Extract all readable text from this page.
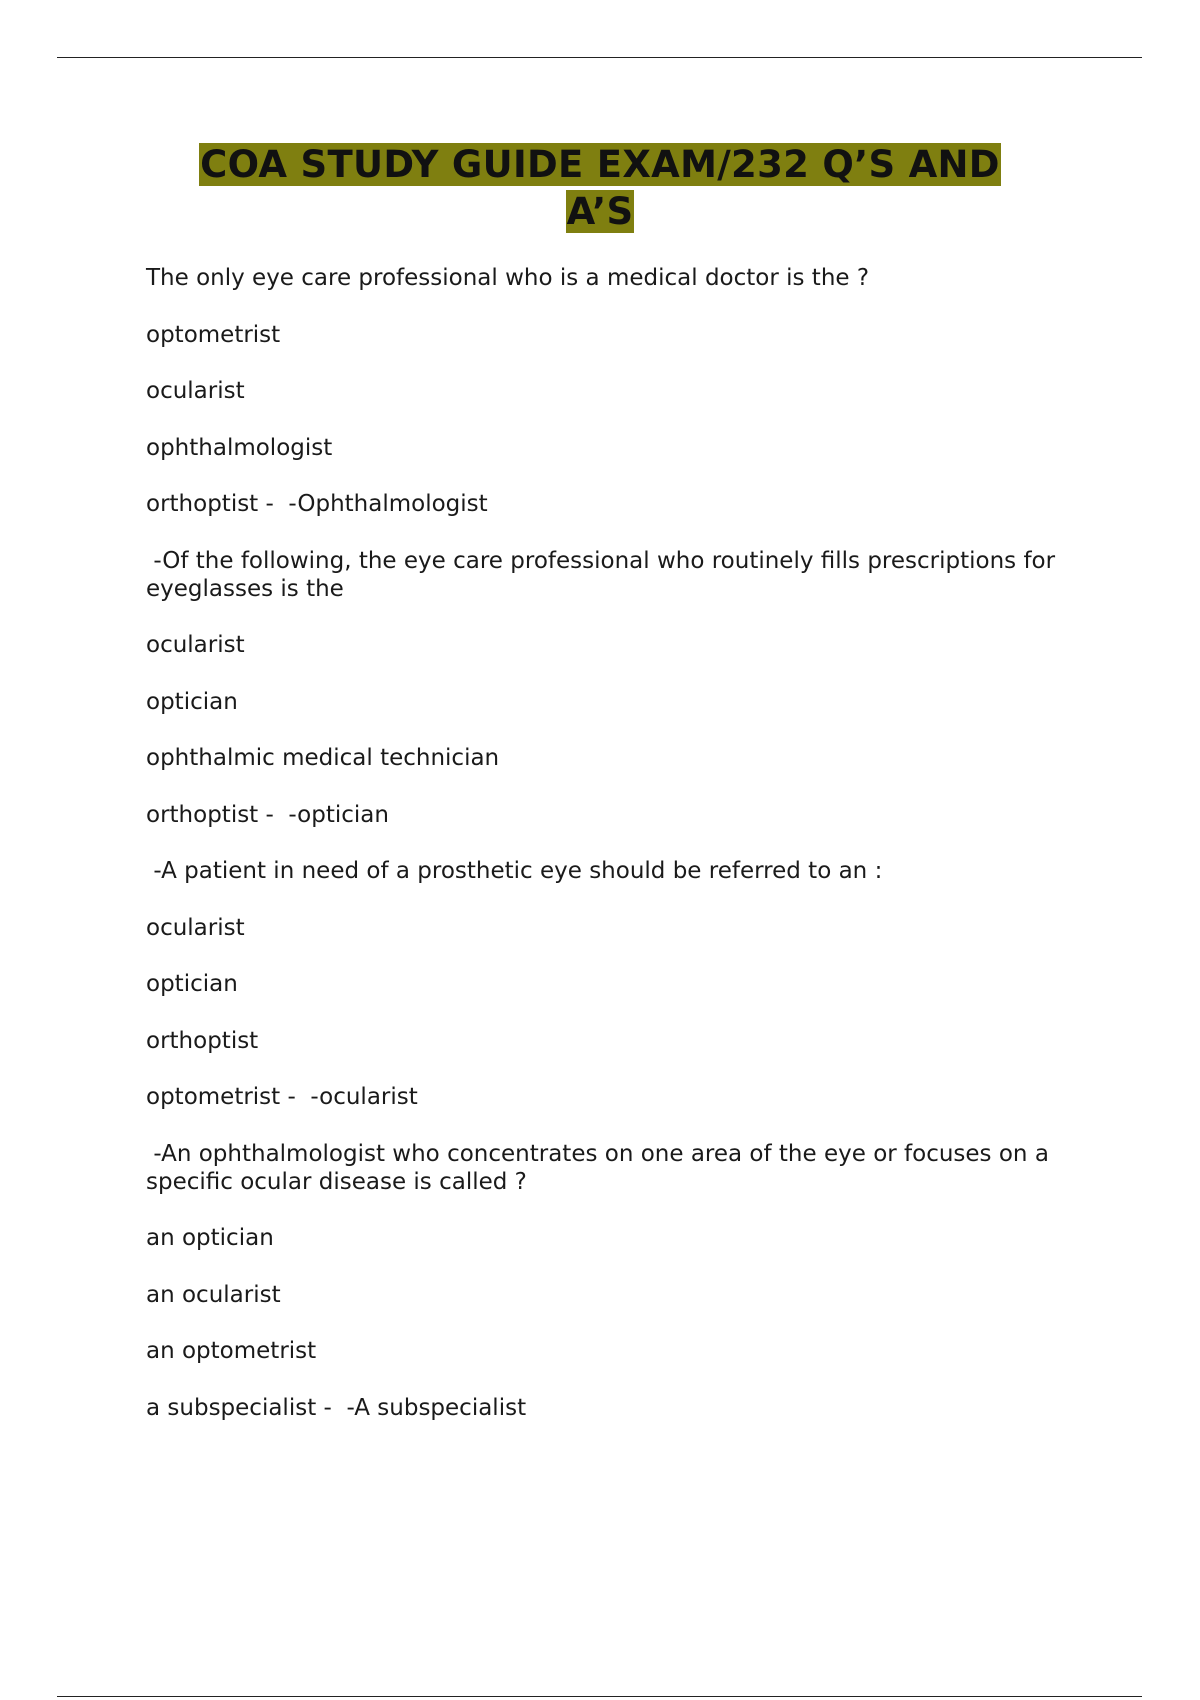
COA STUDY GUIDE EXAM/232 Q’S AND A’S

The only eye care professional who is a medical doctor is the ?

optometrist

ocularist

ophthalmologist

orthoptist -  -Ophthalmologist

-Of the following, the eye care professional who routinely fills prescriptions for eyeglasses is the

ocularist

optician

ophthalmic medical technician

orthoptist -  -optician

-A patient in need of a prosthetic eye should be referred to an :

ocularist

optician

orthoptist

optometrist -  -ocularist

-An ophthalmologist who concentrates on one area of the eye or focuses on a specific ocular disease is called ?

an optician

an ocularist

an optometrist

a subspecialist -  -A subspecialist
